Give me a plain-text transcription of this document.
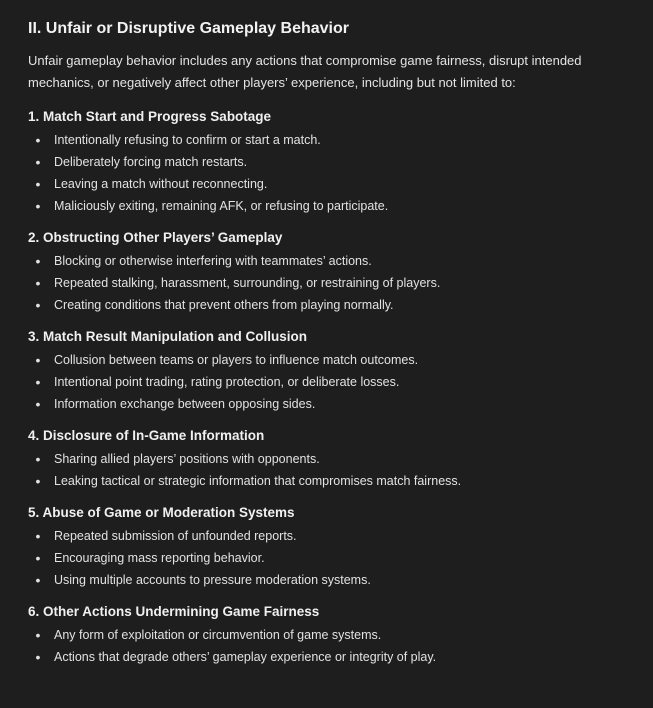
II. Unfair or Disruptive Gameplay Behavior

Unfair gameplay behavior includes any actions that compromise game fairness, disrupt intended mechanics, or negatively affect other players’ experience, including but not limited to:

1. Match Start and Progress Sabotage
• Intentionally refusing to confirm or start a match.
• Deliberately forcing match restarts.
• Leaving a match without reconnecting.
• Maliciously exiting, remaining AFK, or refusing to participate.
2. Obstructing Other Players’ Gameplay
• Blocking or otherwise interfering with teammates’ actions.
• Repeated stalking, harassment, surrounding, or restraining of players.
• Creating conditions that prevent others from playing normally.
3. Match Result Manipulation and Collusion
• Collusion between teams or players to influence match outcomes.
• Intentional point trading, rating protection, or deliberate losses.
• Information exchange between opposing sides.
4. Disclosure of In-Game Information
• Sharing allied players’ positions with opponents.
• Leaking tactical or strategic information that compromises match fairness.
5. Abuse of Game or Moderation Systems
• Repeated submission of unfounded reports.
• Encouraging mass reporting behavior.
• Using multiple accounts to pressure moderation systems.
6. Other Actions Undermining Game Fairness
• Any form of exploitation or circumvention of game systems.
• Actions that degrade others’ gameplay experience or integrity of play.
